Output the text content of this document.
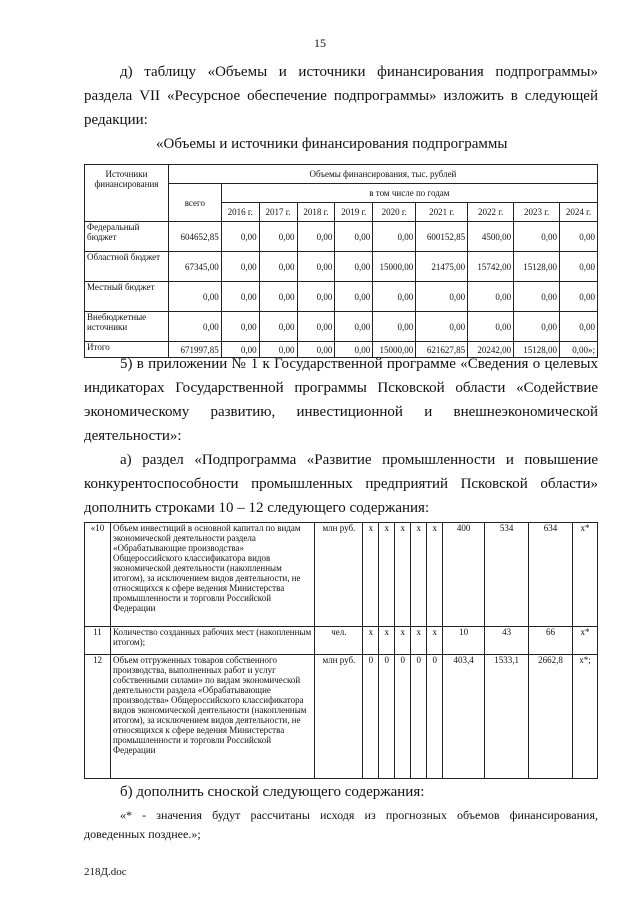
15
д) таблицу «Объемы и источники финансирования подпрограммы» раздела VII «Ресурсное обеспечение подпрограммы» изложить в следующей редакции:
«Объемы и источники финансирования подпрограммы
Источники финансирования	Объемы финансирования, тыс. рублей									
	всего	в том числе по годам								
		2016 г.	2017 г.	2018 г.	2019 г.	2020 г.	2021 г.	2022 г.	2023 г.	2024 г.
Федеральный бюджет	604652,85	0,00	0,00	0,00	0,00	0,00	600152,85	4500,00	0,00	0,00
Областной бюджет	67345,00	0,00	0,00	0,00	0,00	15000,00	21475,00	15742,00	15128,00	0,00
Местный бюджет	0,00	0,00	0,00	0,00	0,00	0,00	0,00	0,00	0,00	0,00
Внебюджетные источники	0,00	0,00	0,00	0,00	0,00	0,00	0,00	0,00	0,00	0,00
Итого	671997,85	0,00	0,00	0,00	0,00	15000,00	621627,85	20242,00	15128,00	0,00»;
5) в приложении № 1 к Государственной программе «Сведения о целевых индикаторах Государственной программы Псковской области «Содействие экономическому развитию, инвестиционной и внешнеэкономической деятельности»:
а) раздел «Подпрограмма «Развитие промышленности и повышение конкурентоспособности промышленных предприятий Псковской области» дополнить строками 10 – 12 следующего содержания:
«10	Объем инвестиций в основной капитал по видам экономической деятельности раздела «Обрабатывающие производства» Общероссийского классификатора видов экономической деятельности (накопленным итогом), за исключением видов деятельности, не относящихся к сфере ведения Министерства промышленности и торговли Российской Федерации	млн руб.	x	x	x	x	x	400	534	634	x*
11	Количество созданных рабочих мест (накопленным итогом);	чел.	x	x	x	x	x	10	43	66	x*
12	Объем отгруженных товаров собственного производства, выполненных работ и услуг собственными силами» по видам экономической деятельности раздела «Обрабатывающие производства» Общероссийского классификатора видов экономической деятельности (накопленным итогом), за исключением видов деятельности, не относящихся к сфере ведения Министерства промышленности и торговли Российской Федерации	млн руб.	0	0	0	0	0	403,4	1533,1	2662,8	x*;
б) дополнить сноской следующего содержания:
«* - значения будут рассчитаны исходя из прогнозных объемов финансирования, доведенных позднее.»;
218Д.doc
